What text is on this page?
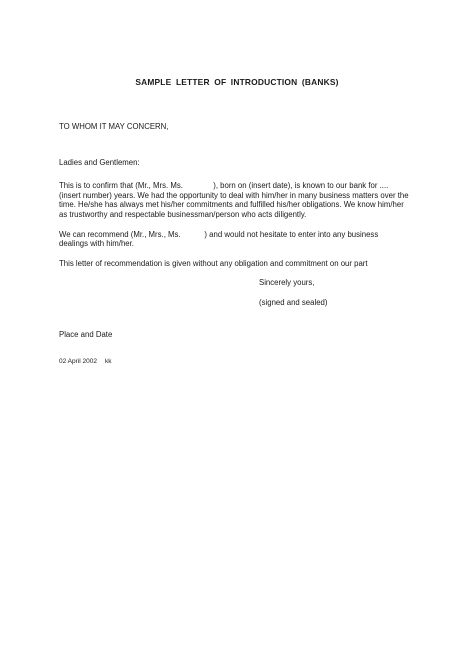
SAMPLE LETTER OF INTRODUCTION (BANKS)

TO WHOM IT MAY CONCERN,

Ladies and Gentlemen:

This is to confirm that (Mr., Mrs. Ms.              ), born on (insert date), is known to our bank for ....

(insert number) years. We had the opportunity to deal with him/her in many business matters over the

time. He/she has always met his/her commitments and fulfilled his/her obligations. We know him/her

as trustworthy and respectable businessman/person who acts diligently.

We can recommend (Mr., Mrs., Ms.           ) and would not hesitate to enter into any business

dealings with him/her.

This letter of recommendation is given without any obligation and commitment on our part

Sincerely yours,

(signed and sealed)

Place and Date

02 April 2002 kk
